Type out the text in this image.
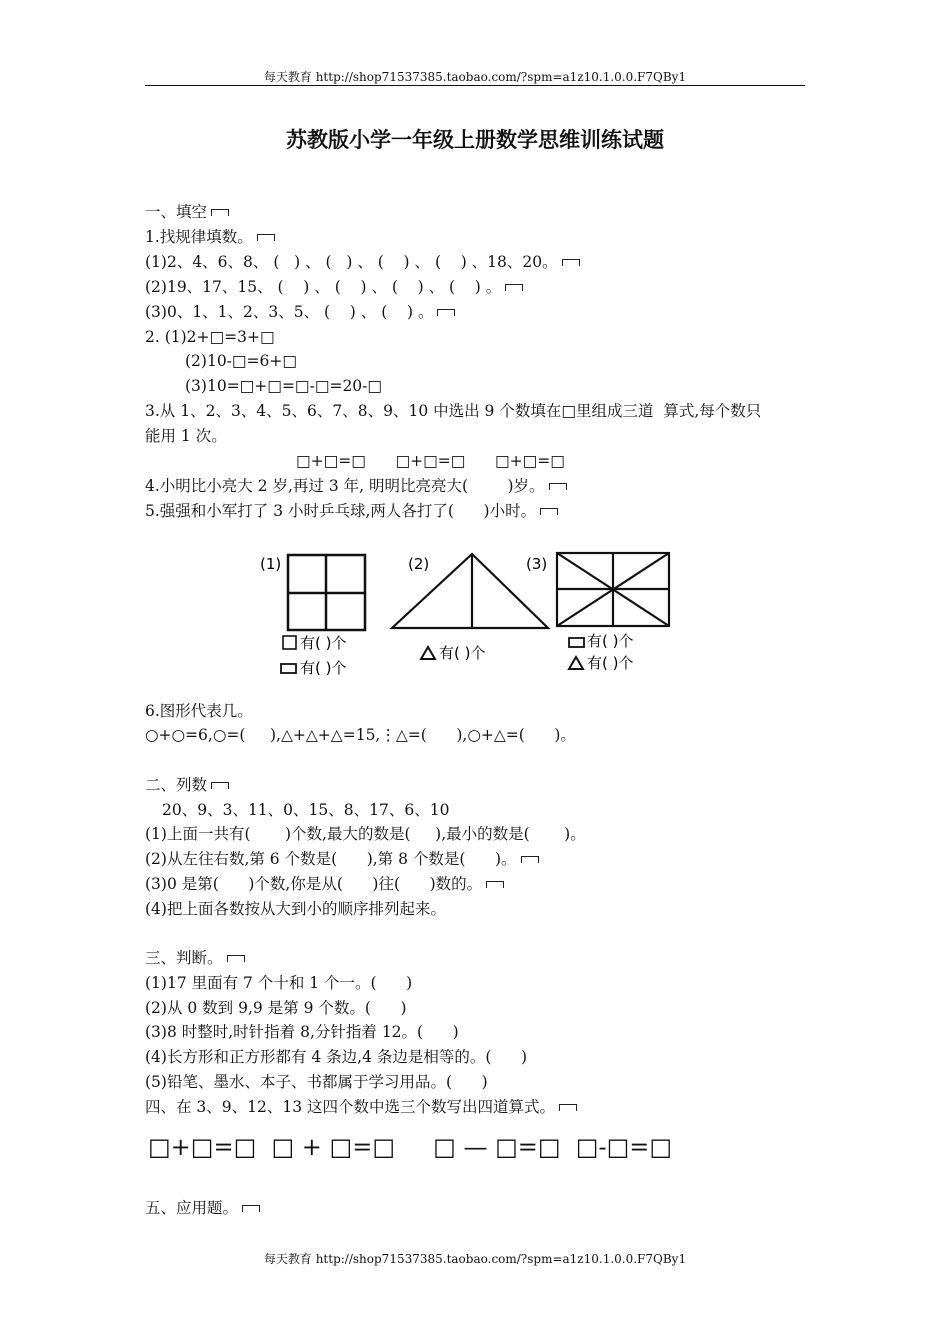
每天教育 http://shop71537385.taobao.com/?spm=a1z10.1.0.0.F7QBy1
苏教版小学一年级上册数学思维训练试题
一、填空
1.找规律填数。
(1)2、4、6、8、 (   ) 、 (   ) 、 (    ) 、 (    ) 、18、20。
(2)19、17、15、 (    ) 、 (    ) 、 (    ) 、 (    ) 。
(3)0、1、1、2、3、5、 (    ) 、 (    ) 。
2. (1)2+□=3+□
(2)10-□=6+□
(3)10=□+□=□-□=20-□
3.从 1、2、3、4、5、6、7、8、9、10 中选出 9 个数填在□里组成三道  算式,每个数只
能用 1 次。
□+□=□      □+□=□      □+□=□
4.小明比小亮大 2 岁,再过 3 年, 明明比亮亮大(        )岁。
5.强强和小军打了 3 小时乒乓球,两人各打了(      )小时。
(1)
有( )个
有( )个
(2)
有( )个
(3)
有( )个
有( )个
6.图形代表几。
○+○=6,○=(     ),△+△+△=15,⋮△=(      ),○+△=(      )。
二、列数
20、9、3、11、0、15、8、17、6、10
(1)上面一共有(       )个数,最大的数是(     ),最小的数是(       )。
(2)从左往右数,第 6 个数是(      ),第 8 个数是(      )。
(3)0 是第(      )个数,你是从(      )往(      )数的。
(4)把上面各数按从大到小的顺序排列起来。
三、判断。
(1)17 里面有 7 个十和 1 个一。(      )
(2)从 0 数到 9,9 是第 9 个数。(      )
(3)8 时整时,时针指着 8,分针指着 12。(      )
(4)长方形和正方形都有 4 条边,4 条边是相等的。(      )
(5)铅笔、墨水、本子、书都属于学习用品。(      )
四、在 3、9、12、13 这四个数中选三个数写出四道算式。
□+□=□  □ + □=□     □ — □=□  □-□=□
五、应用题。
每天教育 http://shop71537385.taobao.com/?spm=a1z10.1.0.0.F7QBy1
